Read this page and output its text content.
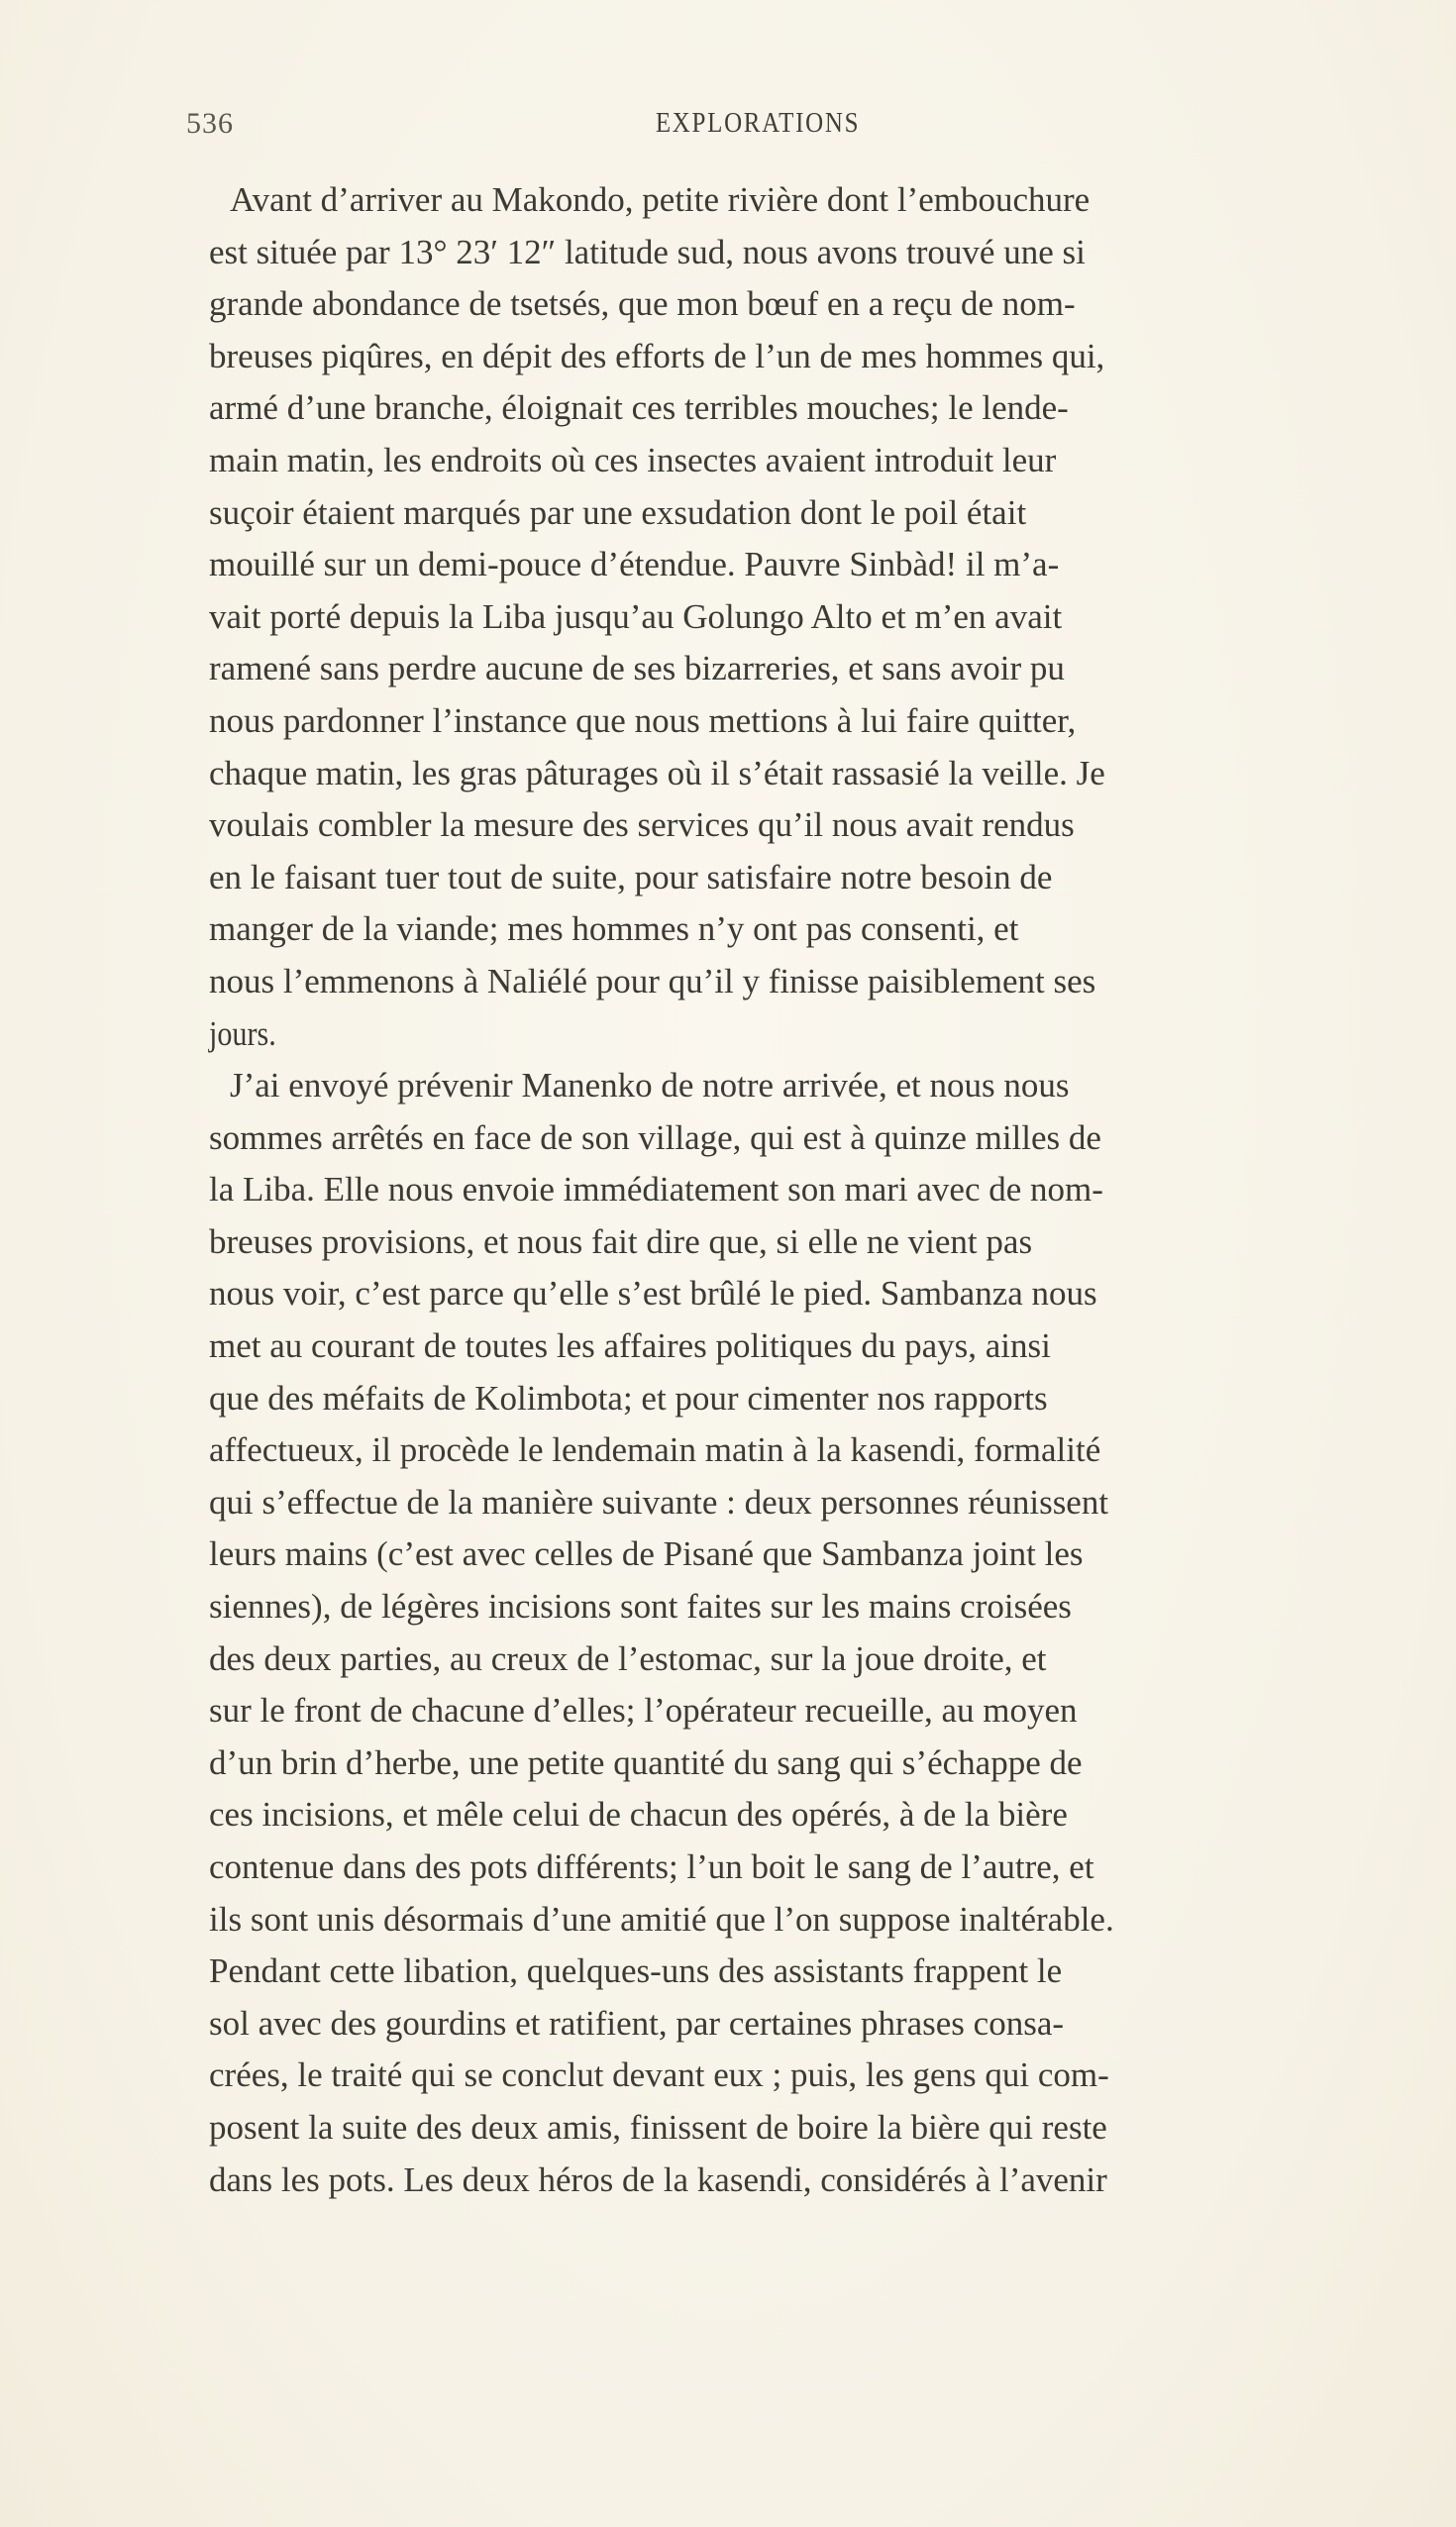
536	EXPLORATIONS
Avant d’arriver au Makondo, petite rivière dont l’embouchure
est située par 13° 23′ 12″ latitude sud, nous avons trouvé une si
grande abondance de tsetsés, que mon bœuf en a reçu de nom-
breuses piqûres, en dépit des efforts de l’un de mes hommes qui,
armé d’une branche, éloignait ces terribles mouches; le lende-
main matin, les endroits où ces insectes avaient introduit leur
suçoir étaient marqués par une exsudation dont le poil était
mouillé sur un demi-pouce d’étendue. Pauvre Sinbàd! il m’a-
vait porté depuis la Liba jusqu’au Golungo Alto et m’en avait
ramené sans perdre aucune de ses bizarreries, et sans avoir pu
nous pardonner l’instance que nous mettions à lui faire quitter,
chaque matin, les gras pâturages où il s’était rassasié la veille. Je
voulais combler la mesure des services qu’il nous avait rendus
en le faisant tuer tout de suite, pour satisfaire notre besoin de
manger de la viande; mes hommes n’y ont pas consenti, et
nous l’emmenons à Naliélé pour qu’il y finisse paisiblement ses
jours.
J’ai envoyé prévenir Manenko de notre arrivée, et nous nous
sommes arrêtés en face de son village, qui est à quinze milles de
la Liba. Elle nous envoie immédiatement son mari avec de nom-
breuses provisions, et nous fait dire que, si elle ne vient pas
nous voir, c’est parce qu’elle s’est brûlé le pied. Sambanza nous
met au courant de toutes les affaires politiques du pays, ainsi
que des méfaits de Kolimbota; et pour cimenter nos rapports
affectueux, il procède le lendemain matin à la kasendi, formalité
qui s’effectue de la manière suivante : deux personnes réunissent
leurs mains (c’est avec celles de Pisané que Sambanza joint les
siennes), de légères incisions sont faites sur les mains croisées
des deux parties, au creux de l’estomac, sur la joue droite, et
sur le front de chacune d’elles; l’opérateur recueille, au moyen
d’un brin d’herbe, une petite quantité du sang qui s’échappe de
ces incisions, et mêle celui de chacun des opérés, à de la bière
contenue dans des pots différents; l’un boit le sang de l’autre, et
ils sont unis désormais d’une amitié que l’on suppose inaltérable.
Pendant cette libation, quelques-uns des assistants frappent le
sol avec des gourdins et ratifient, par certaines phrases consa-
crées, le traité qui se conclut devant eux ; puis, les gens qui com-
posent la suite des deux amis, finissent de boire la bière qui reste
dans les pots. Les deux héros de la kasendi, considérés à l’avenir
